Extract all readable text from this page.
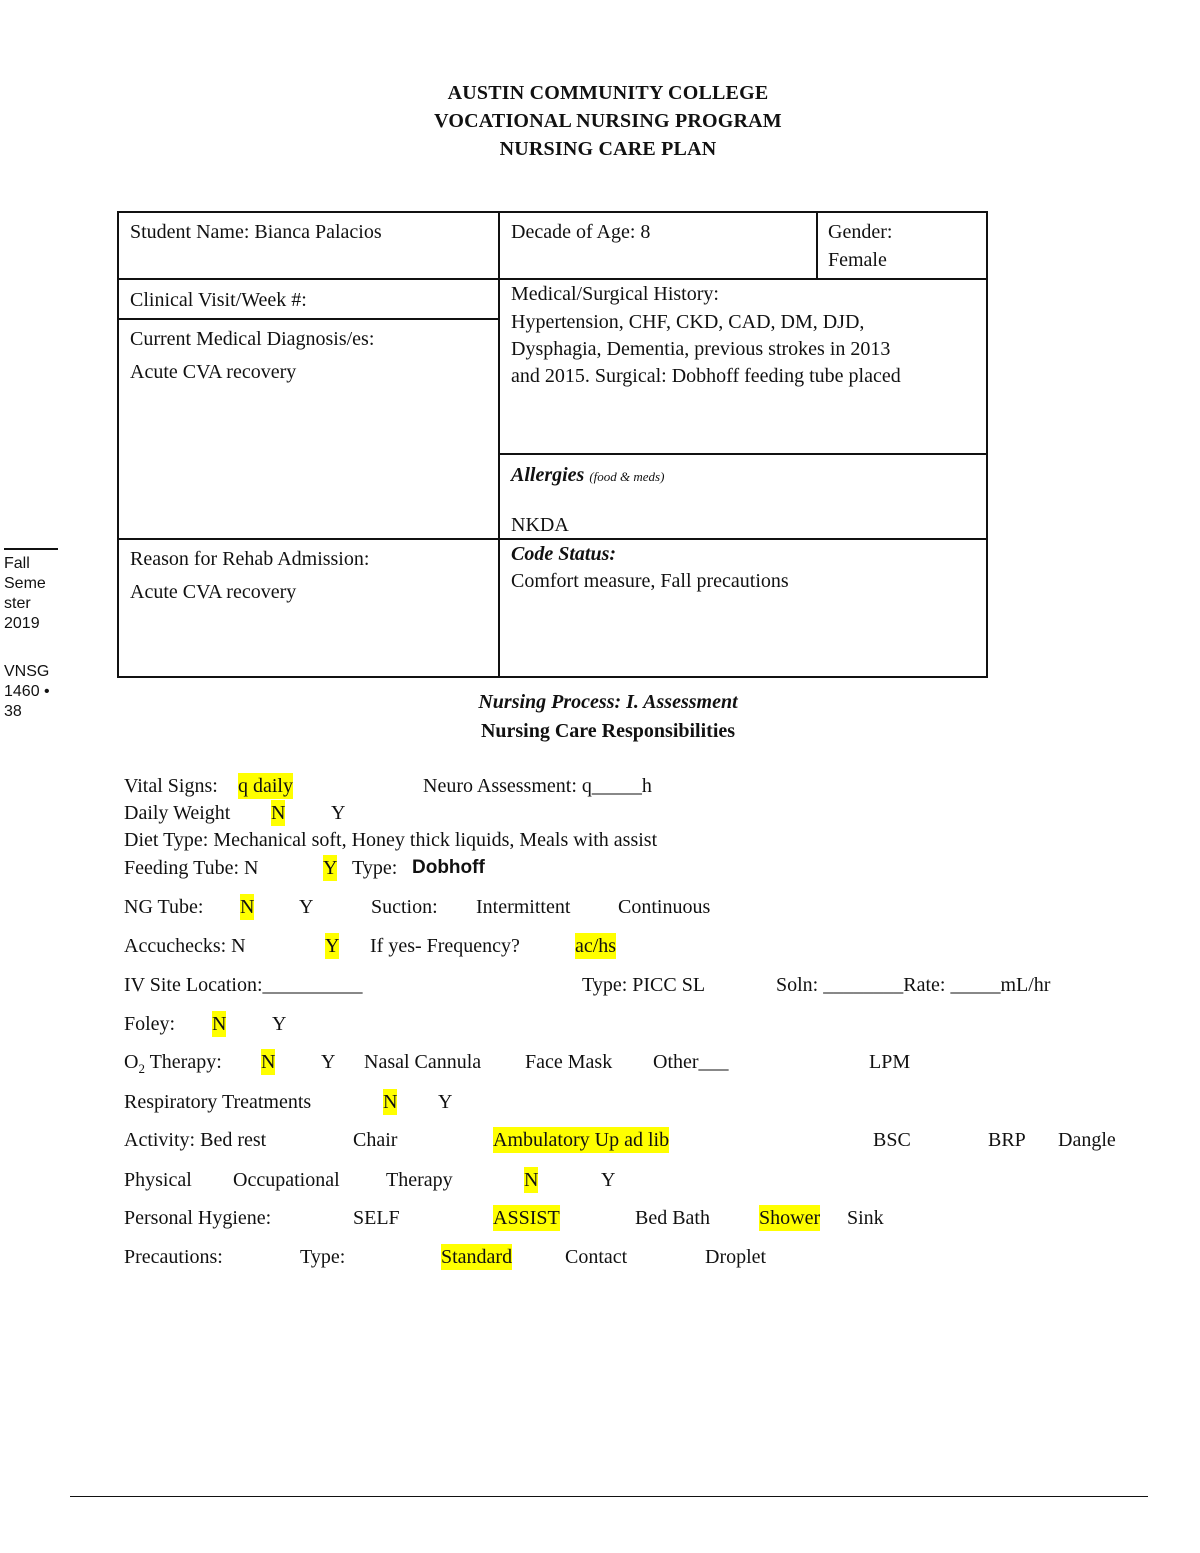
AUSTIN COMMUNITY COLLEGE
VOCATIONAL NURSING PROGRAM
NURSING CARE PLAN
Fall
Seme
ster
2019
VNSG
1460 •
38
Student Name: Bianca Palacios	Decade of Age: 8	Gender:
Female
Clinical Visit/Week #:
Current Medical Diagnosis/es:
Acute CVA recovery
Medical/Surgical History:
Hypertension, CHF, CKD, CAD, DM, DJD,
Dysphagia, Dementia, previous strokes in 2013
and 2015. Surgical: Dobhoff feeding tube placed
Allergies (food & meds)
NKDA
Reason for Rehab Admission:
Acute CVA recovery
Code Status:
Comfort measure, Fall precautions
Nursing Process: I. Assessment
Nursing Care Responsibilities
Vital Signs: q daily	Neuro Assessment: q_____h
Daily Weight N Y
Diet Type: Mechanical soft, Honey thick liquids, Meals with assist
Feeding Tube: N	Y Type: Dobhoff
NG Tube: N Y	Suction: Intermittent Continuous
Accuchecks: N	Y If yes- Frequency?	ac/hs
IV Site Location:__________	Type: PICC SL	Soln: ________Rate: _____mL/hr
Foley: N Y
$O_2$ Therapy: N Y Nasal Cannula Face Mask Other___	LPM
Respiratory Treatments	N Y
Activity: Bed rest	Chair	Ambulatory Up ad lib	BSC	BRP Dangle
Physical Occupational Therapy	N	Y
Personal Hygiene:	SELF	ASSIST	Bed Bath Shower Sink
Precautions:	Type:	Standard	Contact	Droplet
